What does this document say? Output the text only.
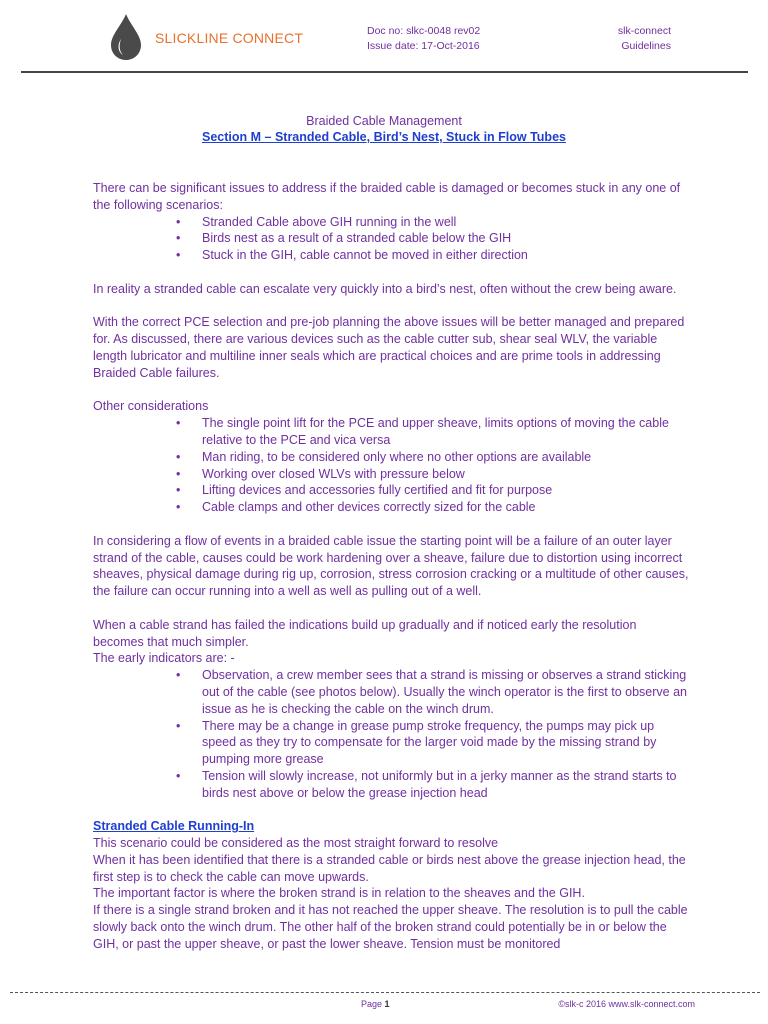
SLICKLINE CONNECT	Doc no: slkc-0048 rev02
Issue date: 17-Oct-2016
slk-connect
Guidelines
Braided Cable Management
Section M – Stranded Cable, Bird’s Nest, Stuck in Flow Tubes

There can be significant issues to address if the braided cable is damaged or becomes stuck in any one of the following scenarios:

• Stranded Cable above GIH running in the well
• Birds nest as a result of a stranded cable below the GIH
• Stuck in the GIH, cable cannot be moved in either direction

In reality a stranded cable can escalate very quickly into a bird’s nest, often without the crew being aware.

With the correct PCE selection and pre-job planning the above issues will be better managed and prepared for. As discussed, there are various devices such as the cable cutter sub, shear seal WLV, the variable length lubricator and multiline inner seals which are practical choices and are prime tools in addressing Braided Cable failures.

Other considerations

• The single point lift for the PCE and upper sheave, limits options of moving the cable relative to the PCE and vica versa
• Man riding, to be considered only where no other options are available
• Working over closed WLVs with pressure below
• Lifting devices and accessories fully certified and fit for purpose
• Cable clamps and other devices correctly sized for the cable

In considering a flow of events in a braided cable issue the starting point will be a failure of an outer layer strand of the cable, causes could be work hardening over a sheave, failure due to distortion using incorrect sheaves, physical damage during rig up, corrosion, stress corrosion cracking or a multitude of other causes, the failure can occur running into a well as well as pulling out of a well.

When a cable strand has failed the indications build up gradually and if noticed early the resolution becomes that much simpler.

The early indicators are: -

• Observation, a crew member sees that a strand is missing or observes a strand sticking out of the cable (see photos below). Usually the winch operator is the first to observe an issue as he is checking the cable on the winch drum.
• There may be a change in grease pump stroke frequency, the pumps may pick up speed as they try to compensate for the larger void made by the missing strand by pumping more grease
• Tension will slowly increase, not uniformly but in a jerky manner as the strand starts to birds nest above or below the grease injection head

Stranded Cable Running-In

This scenario could be considered as the most straight forward to resolve

When it has been identified that there is a stranded cable or birds nest above the grease injection head, the first step is to check the cable can move upwards.

The important factor is where the broken strand is in relation to the sheaves and the GIH.

If there is a single strand broken and it has not reached the upper sheave. The resolution is to pull the cable slowly back onto the winch drum. The other half of the broken strand could potentially be in or below the GIH, or past the upper sheave, or past the lower sheave. Tension must be monitored

Page 1	©slk-c 2016 www.slk-connect.com
